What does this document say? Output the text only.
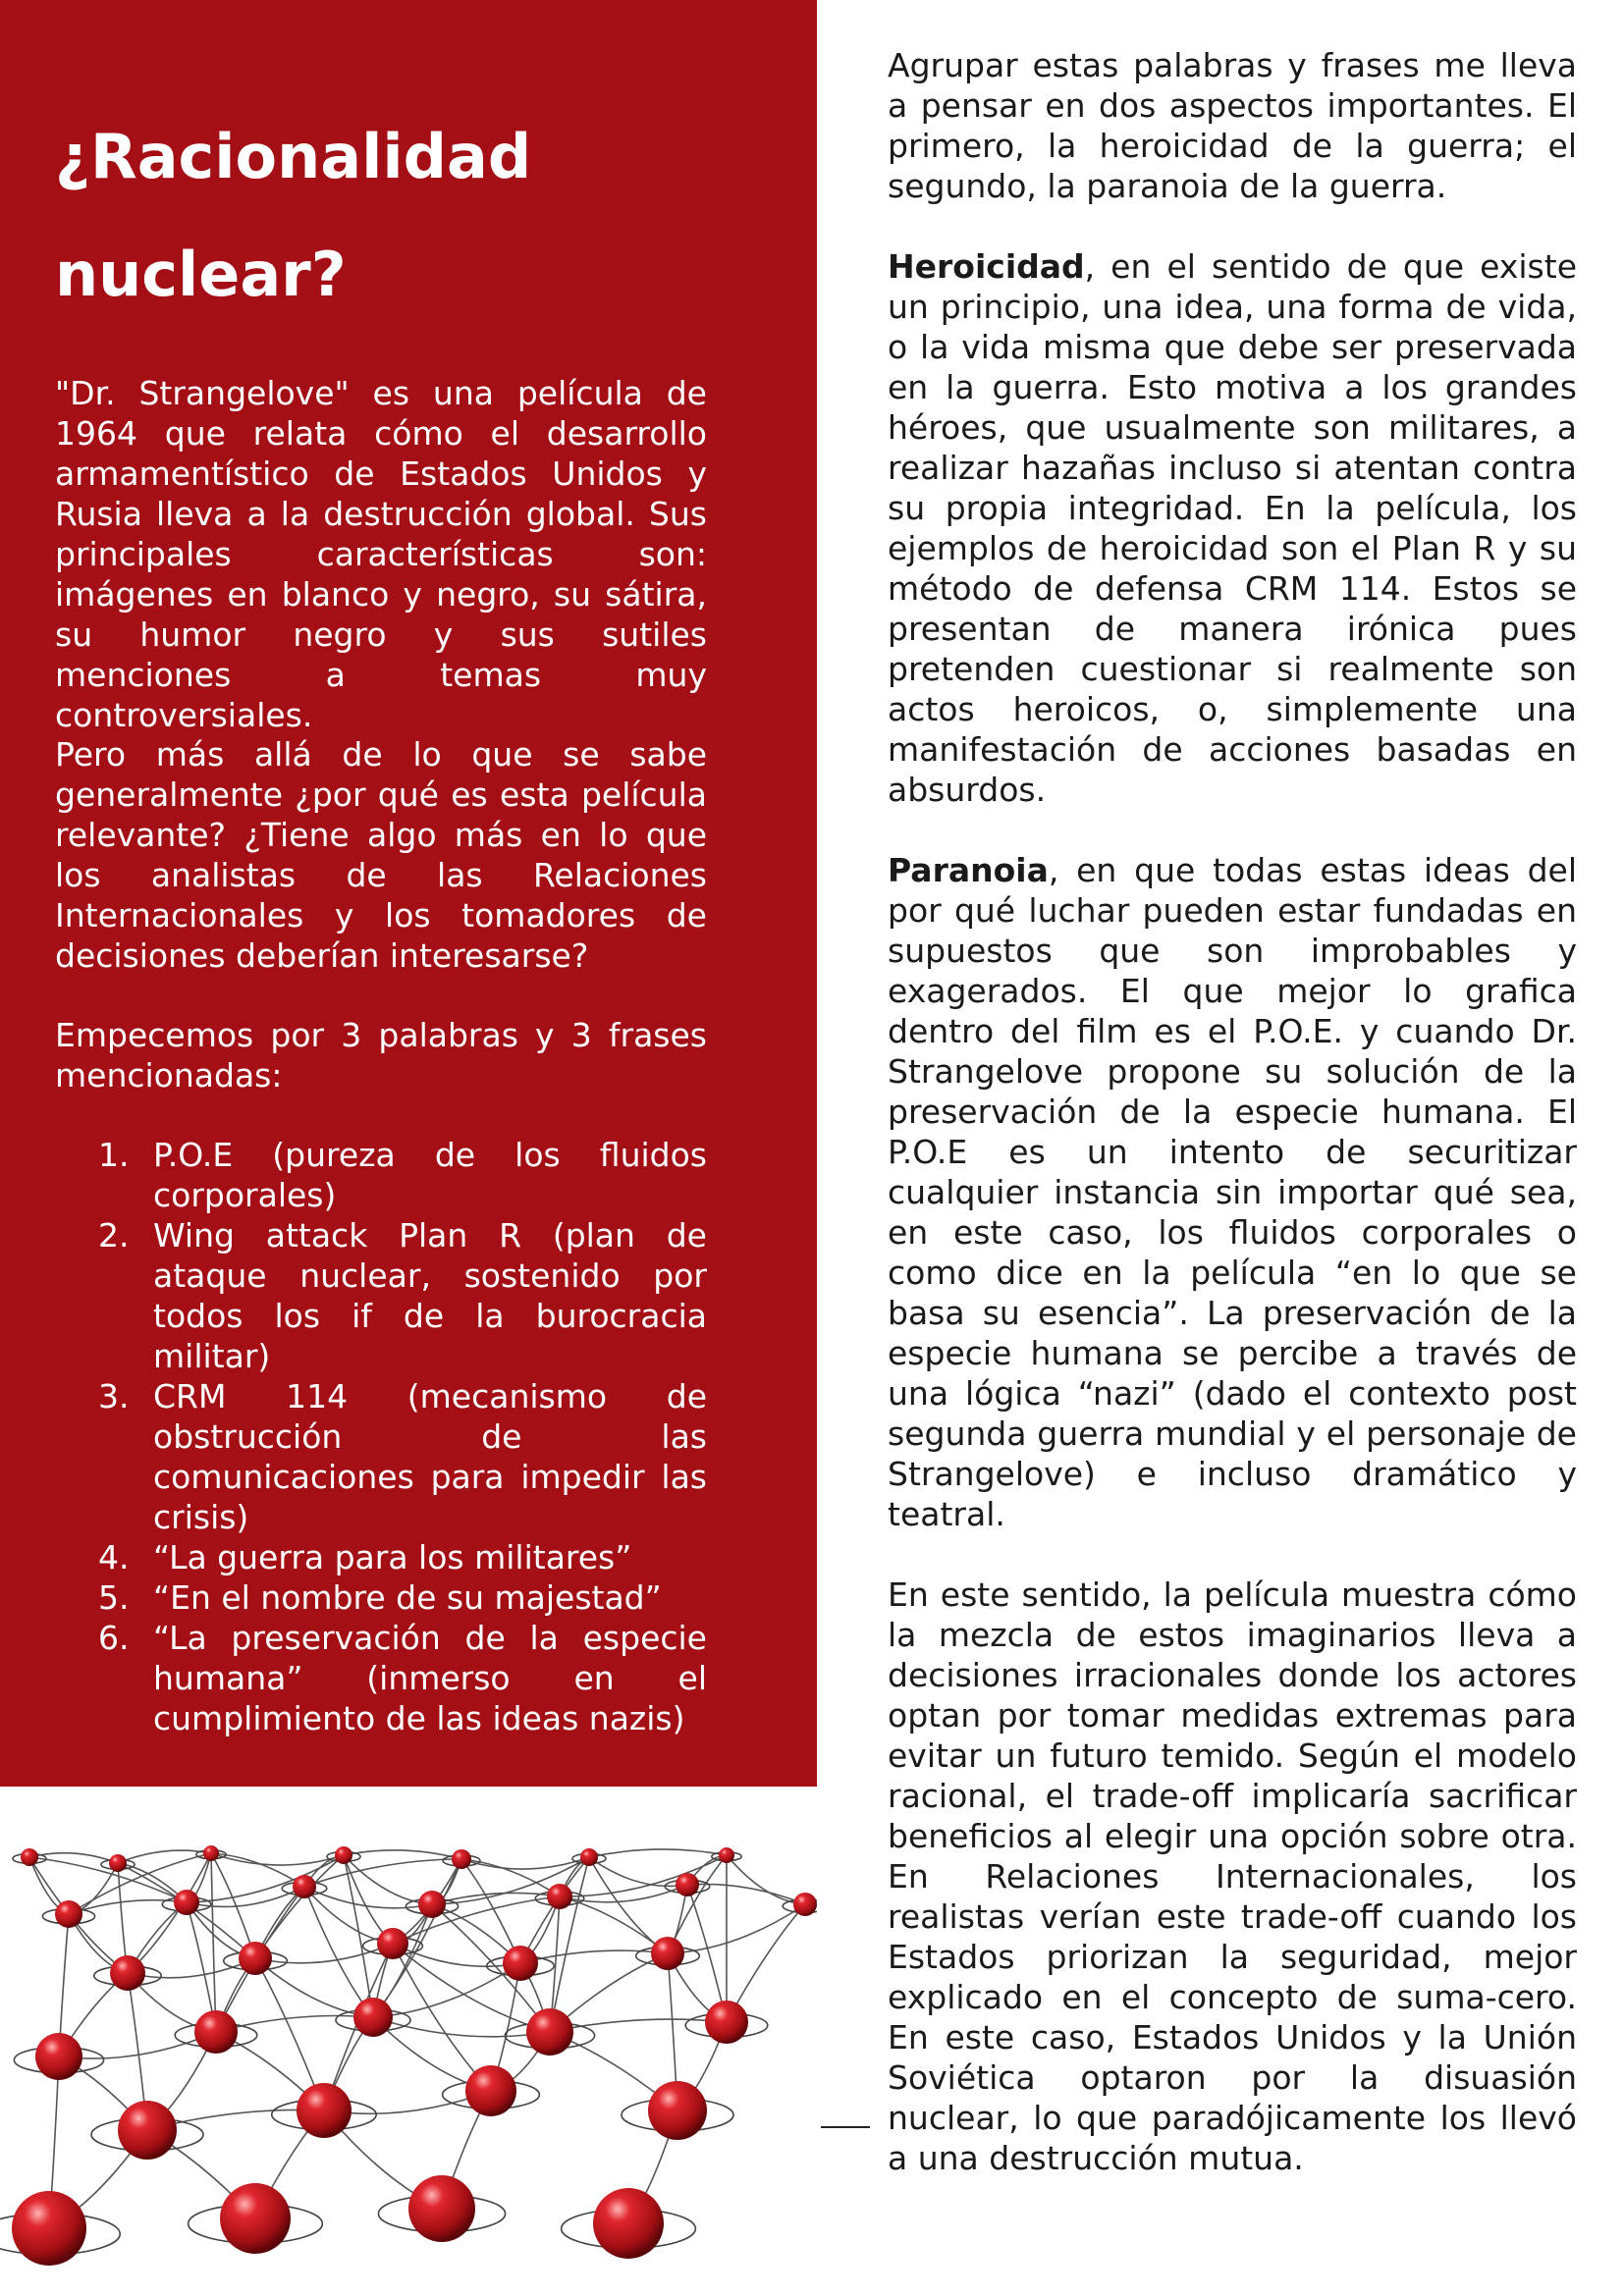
¿Racionalidad
nuclear?

"Dr. Strangelove" es una película de 1964 que relata cómo el desarrollo armamentístico de Estados Unidos y Rusia lleva a la destrucción global. Sus principales características son: imágenes en blanco y negro, su sátira, su humor negro y sus sutiles menciones a temas muy controversiales.

Pero más allá de lo que se sabe generalmente ¿por qué es esta película relevante? ¿Tiene algo más en lo que los analistas de las Relaciones Internacionales y los tomadores de decisiones deberían interesarse?

Empecemos por 3 palabras y 3 frases mencionadas:

1. P.O.E (pureza de los fluidos corporales)
2. Wing attack Plan R (plan de ataque nuclear, sostenido por todos los if de la burocracia militar)
3. CRM 114 (mecanismo de obstrucción de las comunicaciones para impedir las crisis)
4. “La guerra para los militares”
5. “En el nombre de su majestad”
6. “La preservación de la especie humana” (inmerso en el cumplimiento de las ideas nazis)

Agrupar estas palabras y frases me lleva a pensar en dos aspectos importantes. El primero, la heroicidad de la guerra; el segundo, la paranoia de la guerra.

Heroicidad, en el sentido de que existe un principio, una idea, una forma de vida, o la vida misma que debe ser preservada en la guerra. Esto motiva a los grandes héroes, que usualmente son militares, a realizar hazañas incluso si atentan contra su propia integridad. En la película, los ejemplos de heroicidad son el Plan R y su método de defensa CRM 114. Estos se presentan de manera irónica pues pretenden cuestionar si realmente son actos heroicos, o, simplemente una manifestación de acciones basadas en absurdos.

Paranoia, en que todas estas ideas del por qué luchar pueden estar fundadas en supuestos que son improbables y exagerados. El que mejor lo grafica dentro del film es el P.O.E. y cuando Dr. Strangelove propone su solución de la preservación de la especie humana. El P.O.E es un intento de securitizar cualquier instancia sin importar qué sea, en este caso, los fluidos corporales o como dice en la película “en lo que se basa su esencia”. La preservación de la especie humana se percibe a través de una lógica “nazi” (dado el contexto post segunda guerra mundial y el personaje de Strangelove) e incluso dramático y teatral.

En este sentido, la película muestra cómo la mezcla de estos imaginarios lleva a decisiones irracionales donde los actores optan por tomar medidas extremas para evitar un futuro temido. Según el modelo racional, el trade-off implicaría sacrificar beneficios al elegir una opción sobre otra. En Relaciones Internacionales, los realistas verían este trade-off cuando los Estados priorizan la seguridad, mejor explicado en el concepto de suma-cero. En este caso, Estados Unidos y la Unión Soviética optaron por la disuasión nuclear, lo que paradójicamente los llevó a una destrucción mutua.
